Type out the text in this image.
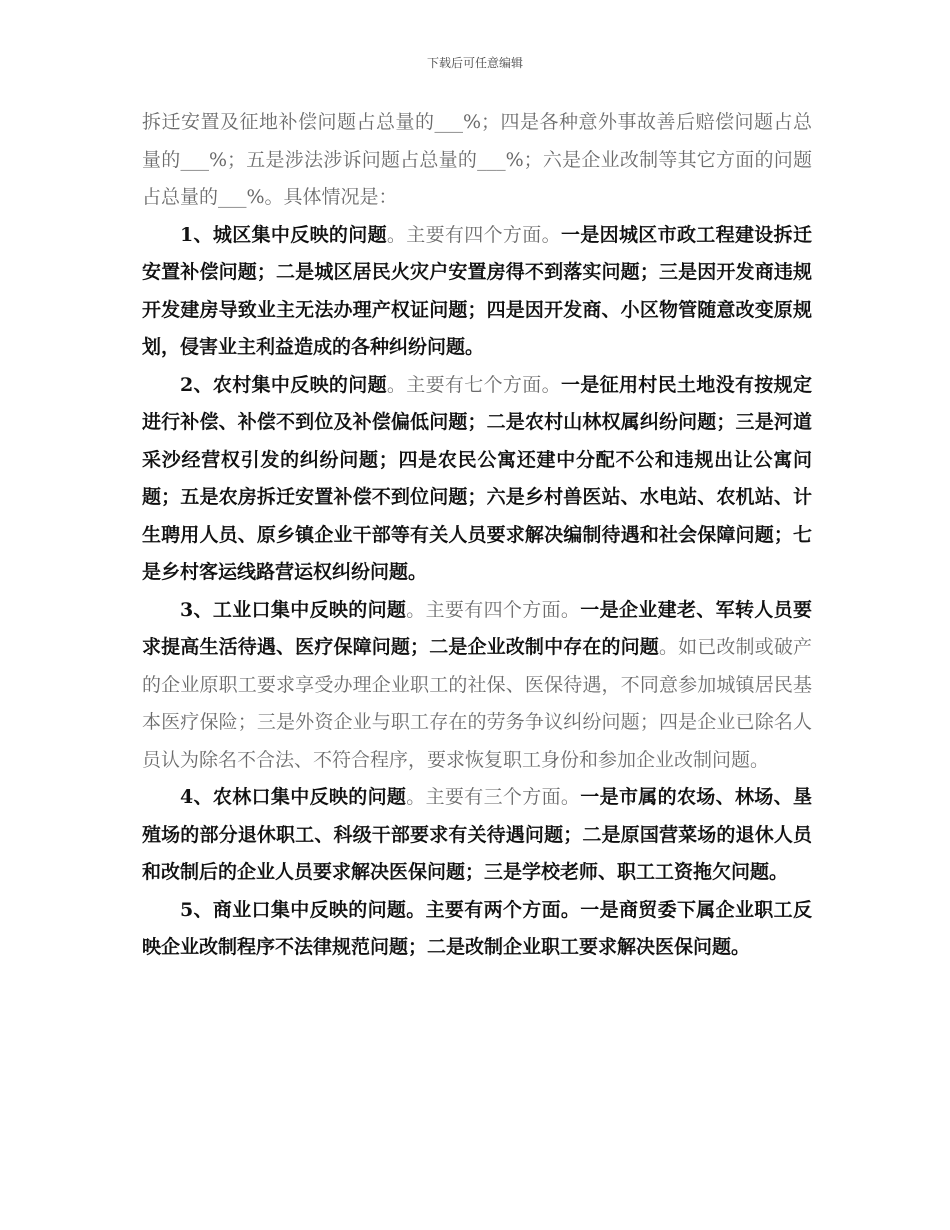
下载后可任意编辑

拆迁安置及征地补偿问题占总量的___%；四是各种意外事故善后赔偿问题占总量的___%；五是涉法涉诉问题占总量的___%；六是企业改制等其它方面的问题占总量的___%。具体情况是：

1、城区集中反映的问题。主要有四个方面。一是因城区市政工程建设拆迁安置补偿问题；二是城区居民火灾户安置房得不到落实问题；三是因开发商违规开发建房导致业主无法办理产权证问题；四是因开发商、小区物管随意改变原规划，侵害业主利益造成的各种纠纷问题。

2、农村集中反映的问题。主要有七个方面。一是征用村民土地没有按规定进行补偿、补偿不到位及补偿偏低问题；二是农村山林权属纠纷问题；三是河道采沙经营权引发的纠纷问题；四是农民公寓还建中分配不公和违规出让公寓问题；五是农房拆迁安置补偿不到位问题；六是乡村兽医站、水电站、农机站、计生聘用人员、原乡镇企业干部等有关人员要求解决编制待遇和社会保障问题；七是乡村客运线路营运权纠纷问题。

3、工业口集中反映的问题。主要有四个方面。一是企业建老、军转人员要求提高生活待遇、医疗保障问题；二是企业改制中存在的问题。如已改制或破产的企业原职工要求享受办理企业职工的社保、医保待遇，不同意参加城镇居民基本医疗保险；三是外资企业与职工存在的劳务争议纠纷问题；四是企业已除名人员认为除名不合法、不符合程序，要求恢复职工身份和参加企业改制问题。

4、农林口集中反映的问题。主要有三个方面。一是市属的农场、林场、垦殖场的部分退休职工、科级干部要求有关待遇问题；二是原国营菜场的退休人员和改制后的企业人员要求解决医保问题；三是学校老师、职工工资拖欠问题。

5、商业口集中反映的问题。主要有两个方面。一是商贸委下属企业职工反映企业改制程序不法律规范问题；二是改制企业职工要求解决医保问题。
